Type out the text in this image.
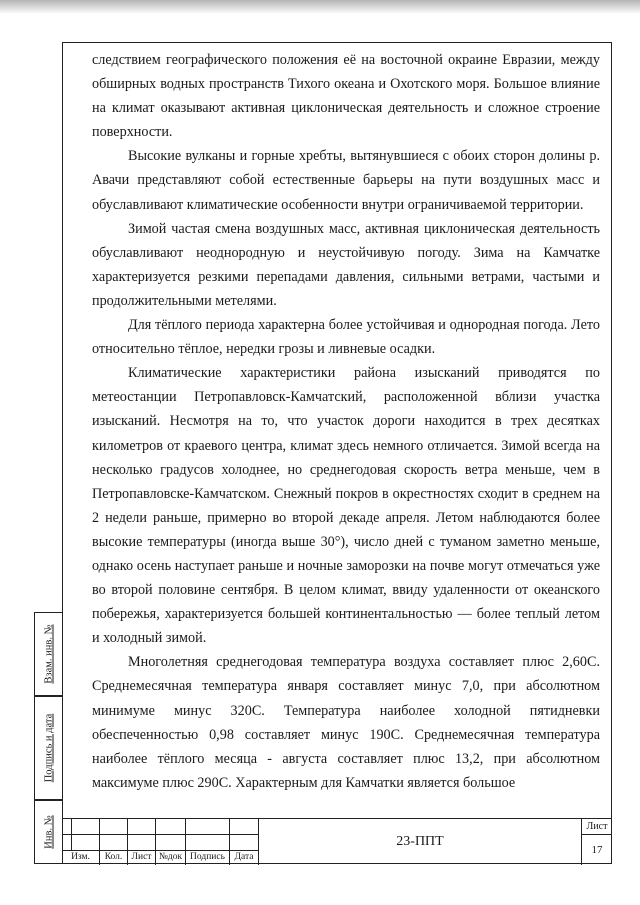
Взам. инв. №
Подпись и дата
Инв. №

следствием географического положения её на восточной окраине Евразии, между обширных водных пространств Тихого океана и Охотского моря. Большое влияние на климат оказывают активная циклоническая деятельность и сложное строение поверхности.

Высокие вулканы и горные хребты, вытянувшиеся с обоих сторон долины р. Авачи представляют собой естественные барьеры на пути воздушных масс и обуславливают климатические особенности внутри ограничиваемой территории.

Зимой частая смена воздушных масс, активная циклоническая деятельность обуславливают неоднородную и неустойчивую погоду. Зима на Камчатке характеризуется резкими перепадами давления, сильными ветрами, частыми и продолжительными метелями.

Для тёплого периода характерна более устойчивая и однородная погода. Лето относительно тёплое, нередки грозы и ливневые осадки.

Климатические характеристики района изысканий приводятся по метеостанции Петропавловск-Камчатский, расположенной вблизи участка изысканий. Несмотря на то, что участок дороги находится в трех десятках километров от краевого центра, климат здесь немного отличается. Зимой всегда на несколько градусов холоднее, но среднегодовая скорость ветра меньше, чем в Петропавловске-Камчатском. Снежный покров в окрестностях сходит в среднем на 2 недели раньше, примерно во второй декаде апреля. Летом наблюдаются более высокие температуры (иногда выше 30°), число дней с туманом заметно меньше, однако осень наступает раньше и ночные заморозки на почве могут отмечаться уже во второй половине сентября. В целом климат, ввиду удаленности от океанского побережья, характеризуется большей континентальностью — более теплый летом и холодный зимой.

Многолетняя среднегодовая температура воздуха составляет плюс 2,60С. Среднемесячная температура января составляет минус 7,0, при абсолютном минимуме минус 320С. Температура наиболее холодной пятидневки обеспеченностью 0,98 составляет минус 190С. Среднемесячная температура наиболее тёплого месяца - августа составляет плюс 13,2, при абсолютном максимуме плюс 290С. Характерным для Камчатки является большое

Изм.	Кол. Лист №док Подпись	Дата
23-ППТ
Лист
17
